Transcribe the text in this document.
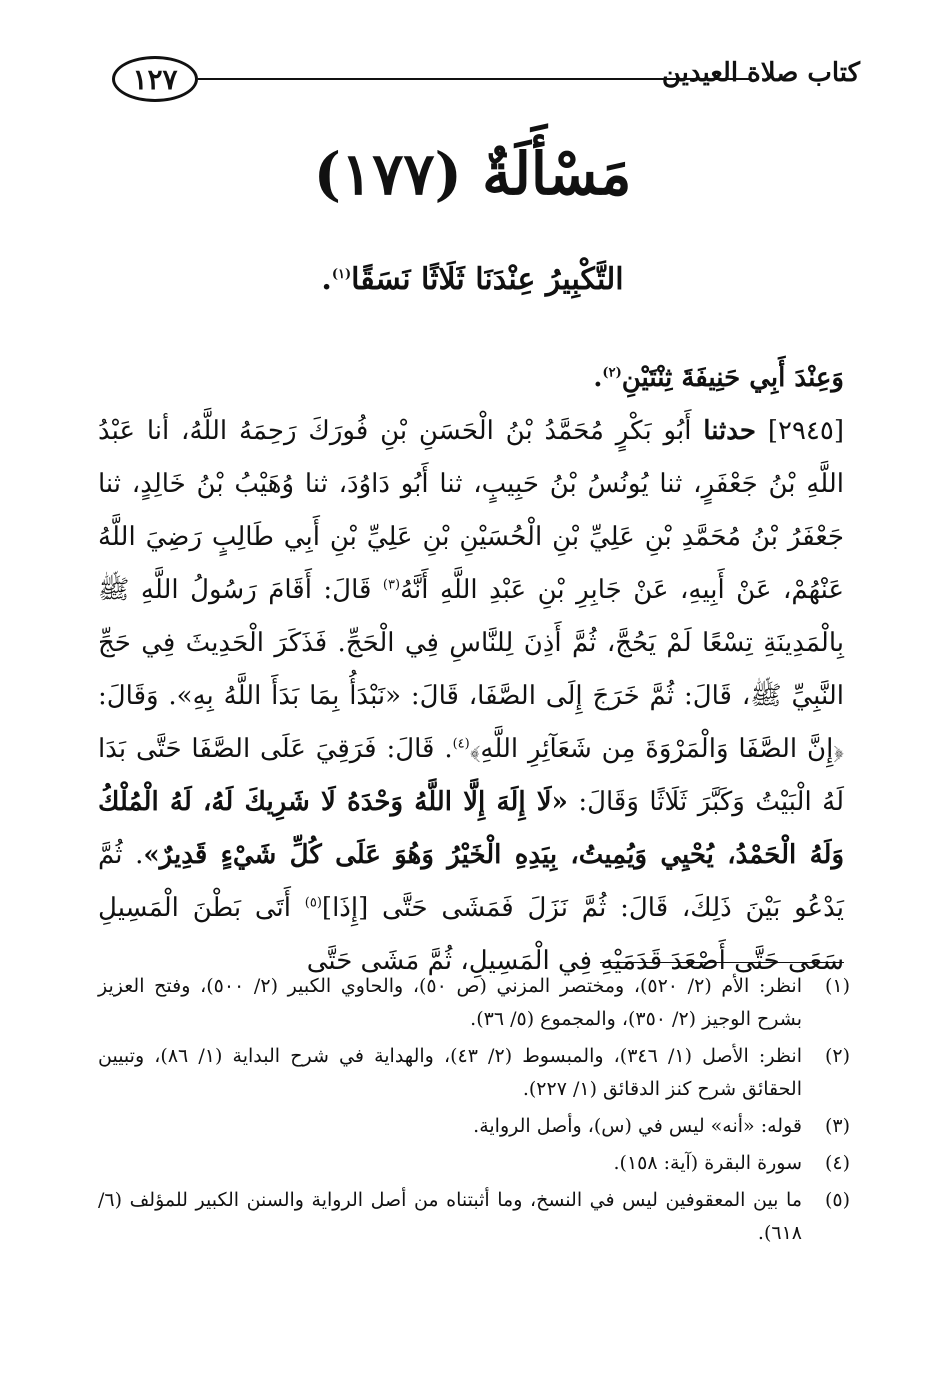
١٢٧	كتاب صلاة العيدين
مَسْأَلَةٌ (١٧٧)
التَّكْبِيرُ عِنْدَنَا ثَلَاثًا نَسَقًا$^{(١)}$.

وَعِنْدَ أَبِي حَنِيفَةَ ثِنْتَيْنِ$^{(٢)}$.

[٢٩٤٥] حدثنا أَبُو بَكْرٍ مُحَمَّدُ بْنُ الْحَسَنِ بْنِ فُورَكَ رَحِمَهُ اللَّهُ، أنا عَبْدُ اللَّهِ بْنُ جَعْفَرٍ، ثنا يُونُسُ بْنُ حَبِيبٍ، ثنا أَبُو دَاوُدَ، ثنا وُهَيْبُ بْنُ خَالِدٍ، ثنا جَعْفَرُ بْنُ مُحَمَّدِ بْنِ عَلِيِّ بْنِ الْحُسَيْنِ بْنِ عَلِيِّ بْنِ أَبِي طَالِبٍ رَضِيَ اللَّهُ عَنْهُمْ، عَنْ أَبِيهِ، عَنْ جَابِرِ بْنِ عَبْدِ اللَّهِ أَنَّهُ$^{(٣)}$ قَالَ: أَقَامَ رَسُولُ اللَّهِ ﷺ بِالْمَدِينَةِ تِسْعًا لَمْ يَحُجَّ، ثُمَّ أَذِنَ لِلنَّاسِ فِي الْحَجِّ. فَذَكَرَ الْحَدِيثَ فِي حَجِّ النَّبِيِّ ﷺ، قَالَ: ثُمَّ خَرَجَ إِلَى الصَّفَا، قَالَ: «نَبْدَأُ بِمَا بَدَأَ اللَّهُ بِهِ». وَقَالَ: ﴿إِنَّ الصَّفَا وَالْمَرْوَةَ مِن شَعَآئِرِ اللَّهِ﴾$^{(٤)}$. قَالَ: فَرَقِيَ عَلَى الصَّفَا حَتَّى بَدَا لَهُ الْبَيْتُ وَكَبَّرَ ثَلَاثًا وَقَالَ: «لَا إِلَهَ إِلَّا اللَّهُ وَحْدَهُ لَا شَرِيكَ لَهُ، لَهُ الْمُلْكُ وَلَهُ الْحَمْدُ، يُحْيِي وَيُمِيتُ، بِيَدِهِ الْخَيْرُ وَهُوَ عَلَى كُلِّ شَيْءٍ قَدِيرٌ». ثُمَّ يَدْعُو بَيْنَ ذَلِكَ، قَالَ: ثُمَّ نَزَلَ فَمَشَى حَتَّى [إِذَا]$^{(٥)}$ أَتَى بَطْنَ الْمَسِيلِ سَعَى حَتَّى أَصْعَدَ قَدَمَيْهِ فِي الْمَسِيلِ، ثُمَّ مَشَى حَتَّى

(١)
انظر: الأم (٢/ ٥٢٠)، ومختصر المزني (ص ٥٠)، والحاوي الكبير (٢/ ٥٠٠)، وفتح العزيز بشرح الوجيز (٢/ ٣٥٠)، والمجموع (٥/ ٣٦).
(٢)
انظر: الأصل (١/ ٣٤٦)، والمبسوط (٢/ ٤٣)، والهداية في شرح البداية (١/ ٨٦)، وتبيين الحقائق شرح كنز الدقائق (١/ ٢٢٧).
(٣)
قوله: «أنه» ليس في (س)، وأصل الرواية.
(٤)
سورة البقرة (آية: ١٥٨).
(٥)
ما بين المعقوفين ليس في النسخ، وما أثبتناه من أصل الرواية والسنن الكبير للمؤلف (٦/ ٦١٨).
